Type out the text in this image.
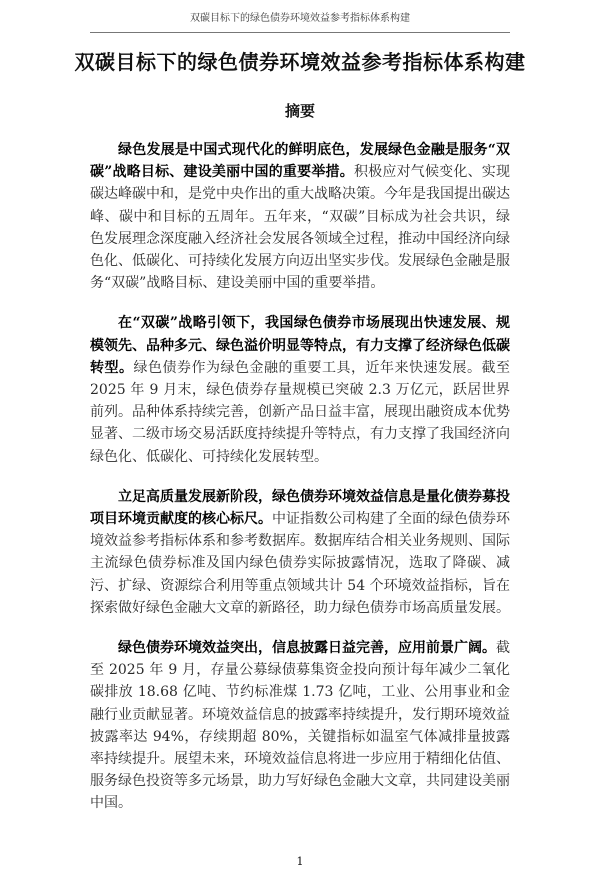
双碳目标下的绿色债券环境效益参考指标体系构建
双碳目标下的绿色债券环境效益参考指标体系构建
摘要

绿色发展是中国式现代化的鲜明底色，发展绿色金融是服务“双碳”战略目标、建设美丽中国的重要举措。积极应对气候变化、实现碳达峰碳中和，是党中央作出的重大战略决策。今年是我国提出碳达峰、碳中和目标的五周年。五年来，“双碳”目标成为社会共识，绿色发展理念深度融入经济社会发展各领域全过程，推动中国经济向绿色化、低碳化、可持续化发展方向迈出坚实步伐。发展绿色金融是服务“双碳”战略目标、建设美丽中国的重要举措。

在“双碳”战略引领下，我国绿色债券市场展现出快速发展、规模领先、品种多元、绿色溢价明显等特点，有力支撑了经济绿色低碳转型。绿色债券作为绿色金融的重要工具，近年来快速发展。截至 2025 年 9 月末，绿色债券存量规模已突破 2.3 万亿元，跃居世界前列。品种体系持续完善，创新产品日益丰富，展现出融资成本优势显著、二级市场交易活跃度持续提升等特点，有力支撑了我国经济向绿色化、低碳化、可持续化发展转型。

立足高质量发展新阶段，绿色债券环境效益信息是量化债券募投项目环境贡献度的核心标尺。中证指数公司构建了全面的绿色债券环境效益参考指标体系和参考数据库。数据库结合相关业务规则、国际主流绿色债券标准及国内绿色债券实际披露情况，选取了降碳、减污、扩绿、资源综合利用等重点领域共计 54 个环境效益指标，旨在探索做好绿色金融大文章的新路径，助力绿色债券市场高质量发展。

绿色债券环境效益突出，信息披露日益完善，应用前景广阔。截至 2025 年 9 月，存量公募绿债募集资金投向预计每年减少二氧化碳排放 18.68 亿吨、节约标准煤 1.73 亿吨，工业、公用事业和金融行业贡献显著。环境效益信息的披露率持续提升，发行期环境效益披露率达 94%，存续期超 80%，关键指标如温室气体减排量披露率持续提升。展望未来，环境效益信息将进一步应用于精细化估值、服务绿色投资等多元场景，助力写好绿色金融大文章，共同建设美丽中国。

1
